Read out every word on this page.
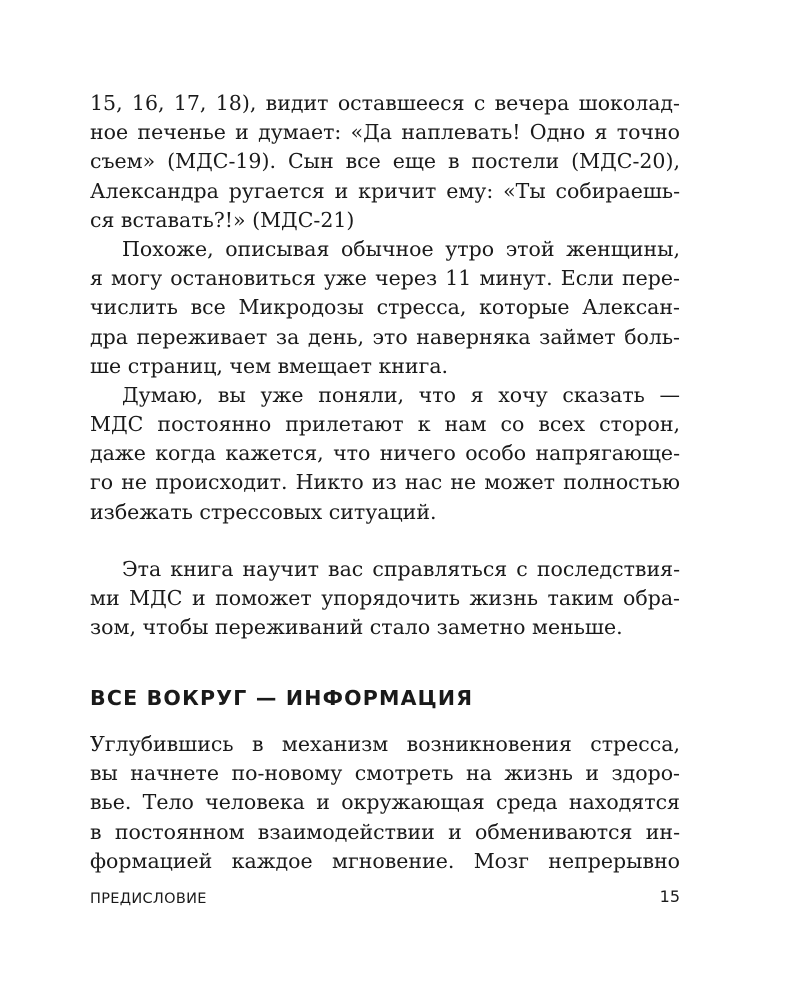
15, 16, 17, 18), видит оставшееся с вечера шоколад-
ное печенье и думает: «Да наплевать! Одно я точно
съем» (МДС-19). Сын все еще в постели (МДС-20),
Александра ругается и кричит ему: «Ты собираешь-
ся вставать?!» (МДС-21)
Похоже, описывая обычное утро этой женщины,
я могу остановиться уже через 11 минут. Если пере-
числить все Микродозы стресса, которые Алексан-
дра переживает за день, это наверняка займет боль-
ше страниц, чем вмещает книга.
Думаю, вы уже поняли, что я хочу сказать —
МДС постоянно прилетают к нам со всех сторон,
даже когда кажется, что ничего особо напрягающе-
го не происходит. Никто из нас не может полностью
избежать стрессовых ситуаций.
Эта книга научит вас справляться с последствия-
ми МДС и поможет упорядочить жизнь таким обра-
зом, чтобы переживаний стало заметно меньше.
ВСЕ ВОКРУГ — ИНФОРМАЦИЯ
Углубившись в механизм возникновения стресса,
вы начнете по-новому смотреть на жизнь и здоро-
вье. Тело человека и окружающая среда находятся
в постоянном взаимодействии и обмениваются ин-
формацией каждое мгновение. Мозг непрерывно
ПРЕДИСЛОВИЕ	15
